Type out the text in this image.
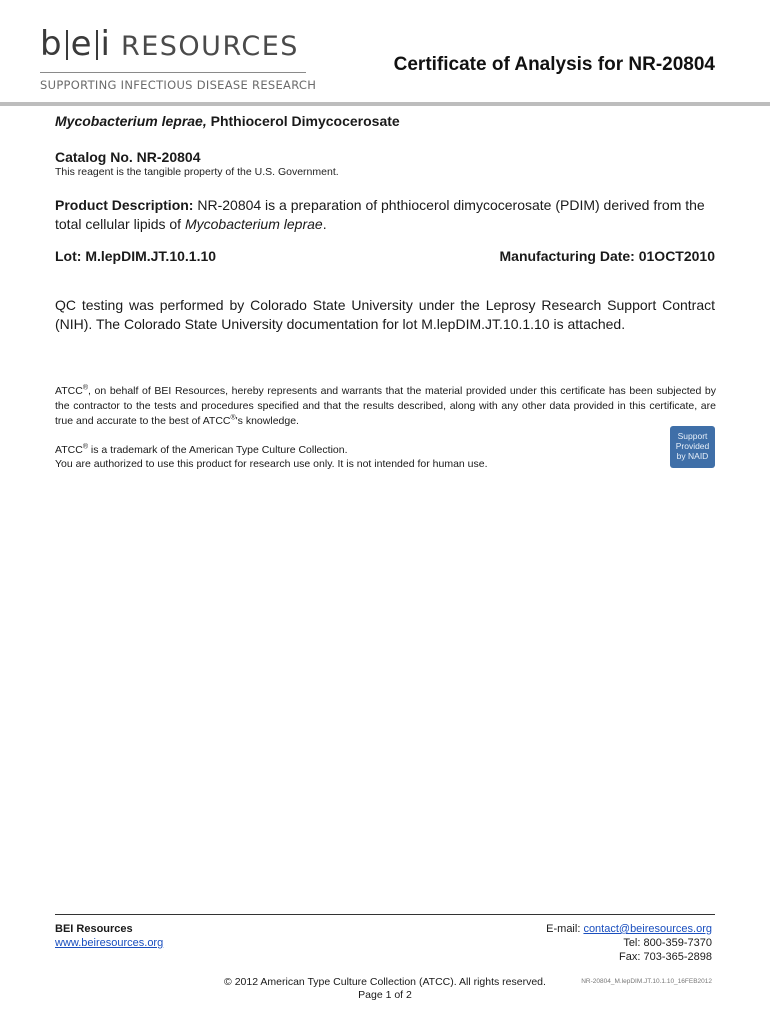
b e i RESOURCES
SUPPORTING INFECTIOUS DISEASE RESEARCH
Certificate of Analysis for NR-20804
Mycobacterium leprae, Phthiocerol Dimycocerosate
Catalog No. NR-20804
This reagent is the tangible property of the U.S. Government.
Product Description: NR-20804 is a preparation of phthiocerol dimycocerosate (PDIM) derived from the total cellular lipids of Mycobacterium leprae.
Lot: M.lepDIM.JT.10.1.10	Manufacturing Date: 01OCT2010
QC testing was performed by Colorado State University under the Leprosy Research Support Contract (NIH). The Colorado State University documentation for lot M.lepDIM.JT.10.1.10 is attached.
ATCC®, on behalf of BEI Resources, hereby represents and warrants that the material provided under this certificate has been subjected by the contractor to the tests and procedures specified and that the results described, along with any other data provided in this certificate, are true and accurate to the best of ATCC®'s knowledge.
ATCC® is a trademark of the American Type Culture Collection.
You are authorized to use this product for research use only. It is not intended for human use.
Support
Provided
by NAID
BEI Resources
www.beiresources.org
E-mail: contact@beiresources.org
Tel: 800-359-7370
Fax: 703-365-2898
© 2012 American Type Culture Collection (ATCC). All rights reserved.
Page 1 of 2
NR-20804_M.lepDIM.JT.10.1.10_16FEB2012
